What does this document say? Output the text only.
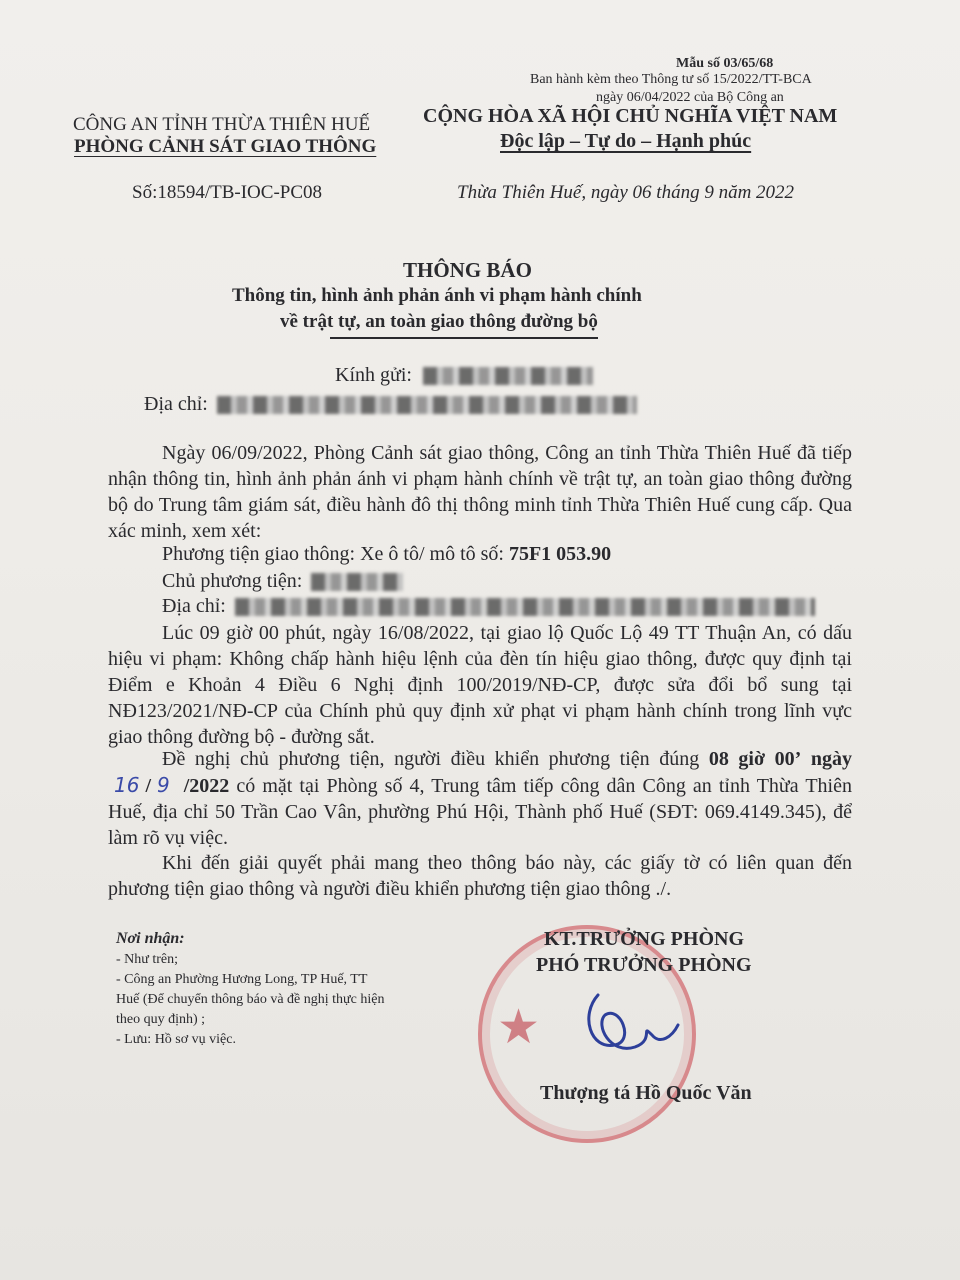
Mẫu số 03/65/68
Ban hành kèm theo Thông tư số 15/2022/TT-BCA
ngày 06/04/2022 của Bộ Công an
CÔNG AN TỈNH THỪA THIÊN HUẾ
PHÒNG CẢNH SÁT GIAO THÔNG
CỘNG HÒA XÃ HỘI CHỦ NGHĨA VIỆT NAM
Độc lập – Tự do – Hạnh phúc
Số:18594/TB-IOC-PC08	Thừa Thiên Huế, ngày 06 tháng 9 năm 2022
THÔNG BÁO
Thông tin, hình ảnh phản ánh vi phạm hành chính
về trật tự, an toàn giao thông đường bộ
Kính gửi:
Địa chỉ:
Ngày 06/09/2022, Phòng Cảnh sát giao thông, Công an tỉnh Thừa Thiên Huế đã tiếp nhận thông tin, hình ảnh phản ánh vi phạm hành chính về trật tự, an toàn giao thông đường bộ do Trung tâm giám sát, điều hành đô thị thông minh tỉnh Thừa Thiên Huế cung cấp. Qua xác minh, xem xét:
Phương tiện giao thông: Xe ô tô/ mô tô số: 75F1 053.90
Chủ phương tiện:
Địa chỉ:
Lúc 09 giờ 00 phút, ngày 16/08/2022, tại giao lộ Quốc Lộ 49 TT Thuận An, có dấu hiệu vi phạm: Không chấp hành hiệu lệnh của đèn tín hiệu giao thông, được quy định tại Điểm e Khoản 4 Điều 6 Nghị định 100/2019/NĐ-CP, được sửa đổi bổ sung tại NĐ123/2021/NĐ-CP của Chính phủ quy định xử phạt vi phạm hành chính trong lĩnh vực giao thông đường bộ - đường sắt.
Đề nghị chủ phương tiện, người điều khiển phương tiện đúng 08 giờ 00’ ngày 16 / 9 /2022 có mặt tại Phòng số 4, Trung tâm tiếp công dân Công an tỉnh Thừa Thiên Huế, địa chỉ 50 Trần Cao Vân, phường Phú Hội, Thành phố Huế (SĐT: 069.4149.345), để làm rõ vụ việc.
Khi đến giải quyết phải mang theo thông báo này, các giấy tờ có liên quan đến phương tiện giao thông và người điều khiển phương tiện giao thông ./.
Nơi nhận:
- Như trên;
- Công an Phường Hương Long, TP Huế, TT
Huế (Để chuyển thông báo và đề nghị thực hiện
theo quy định) ;
- Lưu: Hồ sơ vụ việc.	★
KT.TRƯỞNG PHÒNG
PHÓ TRƯỞNG PHÒNG
Thượng tá Hồ Quốc Văn
